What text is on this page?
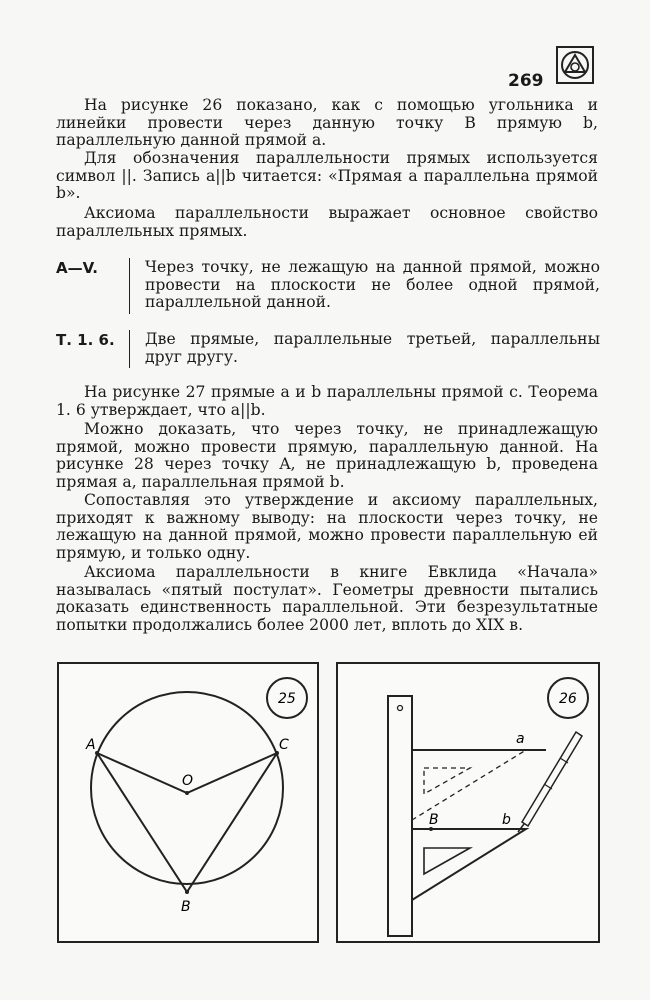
269

На рисунке 26 показано, как с помощью угольника и линейки провести через данную точку B прямую b, параллельную данной прямой a.

Для обозначения параллельности прямых используется символ ||. Запись a||b читается: «Прямая a параллельна прямой b».

Аксиома параллельности выражает основное свойство параллельных прямых.

А—V.	Через точку, не лежащую на данной прямой, можно провести на плоскости не более одной прямой, параллельной данной.

Т. 1. 6. Две прямые, параллельные третьей, параллельны друг другу.

На рисунке 27 прямые a и b параллельны прямой c. Теорема 1. 6 утверждает, что a||b.

Можно доказать, что через точку, не принадлежащую прямой, можно провести прямую, параллельную данной. На рисунке 28 через точку A, не принадлежащую b, проведена прямая a, параллельная прямой b.

Сопоставляя это утверждение и аксиому параллельных, приходят к важному выводу: на плоскости через точку, не лежащую на данной прямой, можно провести параллельную ей прямую, и только одну.

Аксиома параллельности в книге Евклида «Начала» называлась «пятый постулат». Геометры древности пытались доказать единственность параллельной. Эти безрезультатные попытки продолжались более 2000 лет, вплоть до XIX в.

A	C
O
B
25
a
B	b
26
